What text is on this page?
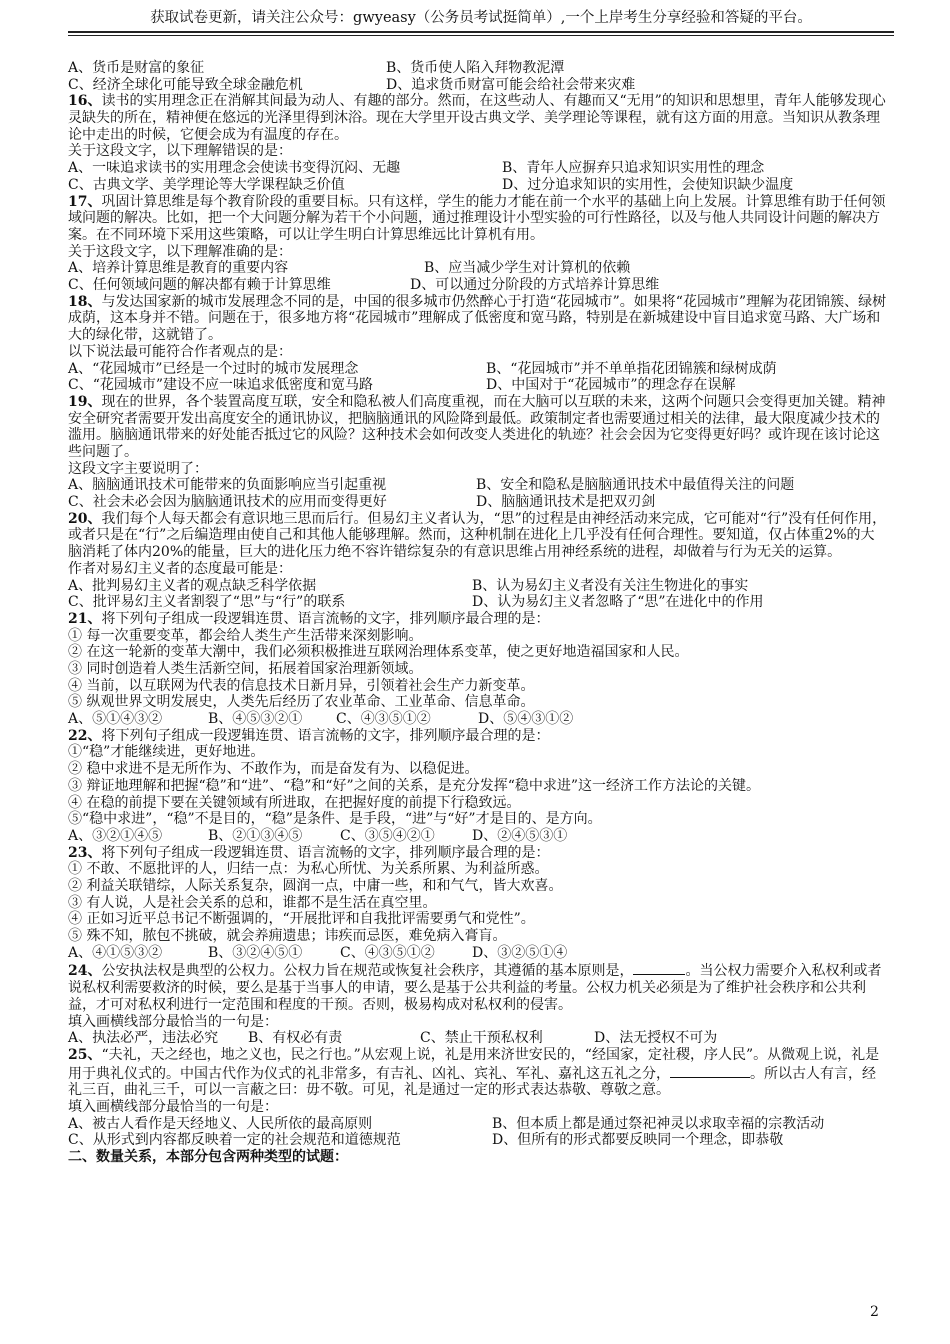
获取试卷更新，请关注公众号：gwyeasy（公务员考试挺简单）,一个上岸考生分享经验和答疑的平台。
A、货币是财富的象征	B、货币使人陷入拜物教泥潭
C、经济全球化可能导致全球金融危机	D、追求货币财富可能会给社会带来灾难
16、读书的实用理念正在消解其间最为动人、有趣的部分。然而，在这些动人、有趣而又“无用”的知识和思想里，青年人能够发现心灵缺失的所在，精神便在悠远的光泽里得到沐浴。现在大学里开设古典文学、美学理论等课程，就有这方面的用意。当知识从教条理论中走出的时候，它便会成为有温度的存在。
关于这段文字，以下理解错误的是：
A、一味追求读书的实用理念会使读书变得沉闷、无趣	B、青年人应摒弃只追求知识实用性的理念
C、古典文学、美学理论等大学课程缺乏价值	D、过分追求知识的实用性，会使知识缺少温度
17、巩固计算思维是每个教育阶段的重要目标。只有这样，学生的能力才能在前一个水平的基础上向上发展。计算思维有助于任何领域问题的解决。比如，把一个大问题分解为若干个小问题，通过推理设计小型实验的可行性路径，以及与他人共同设计问题的解决方案。在不同环境下采用这些策略，可以让学生明白计算思维远比计算机有用。
关于这段文字，以下理解准确的是：
A、培养计算思维是教育的重要内容	B、应当减少学生对计算机的依赖
C、任何领域问题的解决都有赖于计算思维	D、可以通过分阶段的方式培养计算思维
18、与发达国家新的城市发展理念不同的是，中国的很多城市仍然醉心于打造“花园城市”。如果将“花园城市”理解为花团锦簇、绿树成荫，这本身并不错。问题在于，很多地方将“花园城市”理解成了低密度和宽马路，特别是在新城建设中盲目追求宽马路、大广场和大的绿化带，这就错了。
以下说法最可能符合作者观点的是：
A、“花园城市”已经是一个过时的城市发展理念	B、“花园城市”并不单单指花团锦簇和绿树成荫
C、“花园城市”建设不应一味追求低密度和宽马路	D、中国对于“花园城市”的理念存在误解
19、现在的世界，各个装置高度互联，安全和隐私被人们高度重视，而在大脑可以互联的未来，这两个问题只会变得更加关键。精神安全研究者需要开发出高度安全的通讯协议，把脑脑通讯的风险降到最低。政策制定者也需要通过相关的法律，最大限度减少技术的滥用。脑脑通讯带来的好处能否抵过它的风险？这种技术会如何改变人类进化的轨迹？社会会因为它变得更好吗？或许现在该讨论这些问题了。
这段文字主要说明了：
A、脑脑通讯技术可能带来的负面影响应当引起重视	B、安全和隐私是脑脑通讯技术中最值得关注的问题
C、社会未必会因为脑脑通讯技术的应用而变得更好	D、脑脑通讯技术是把双刃剑
20、我们每个人每天都会有意识地三思而后行。但易幻主义者认为，“思”的过程是由神经活动来完成，它可能对“行”没有任何作用，或者只是在“行”之后编造理由使自己和其他人能够理解。然而，这种机制在进化上几乎没有任何合理性。要知道，仅占体重2%的大脑消耗了体内20%的能量，巨大的进化压力绝不容许错综复杂的有意识思维占用神经系统的进程，却做着与行为无关的运算。
作者对易幻主义者的态度最可能是：
A、批判易幻主义者的观点缺乏科学依据	B、认为易幻主义者没有关注生物进化的事实
C、批评易幻主义者割裂了“思”与“行”的联系	D、认为易幻主义者忽略了“思”在进化中的作用
21、将下列句子组成一段逻辑连贯、语言流畅的文字，排列顺序最合理的是：
① 每一次重要变革，都会给人类生产生活带来深刻影响。
② 在这一轮新的变革大潮中，我们必须积极推进互联网治理体系变革，使之更好地造福国家和人民。
③ 同时创造着人类生活新空间，拓展着国家治理新领域。
④ 当前，以互联网为代表的信息技术日新月异，引领着社会生产力新变革。
⑤ 纵观世界文明发展史，人类先后经历了农业革命、工业革命、信息革命。
A、⑤①④③②	B、④⑤③②① C、④③⑤①②	D、⑤④③①②
22、将下列句子组成一段逻辑连贯、语言流畅的文字，排列顺序最合理的是：
①“稳”才能继续进，更好地进。
② 稳中求进不是无所作为、不敢作为，而是奋发有为、以稳促进。
③ 辩证地理解和把握“稳”和“进”、“稳”和“好”之间的关系，是充分发挥“稳中求进”这一经济工作方法论的关键。
④ 在稳的前提下要在关键领域有所进取，在把握好度的前提下行稳致远。
⑤“稳中求进”，“稳”不是目的，“稳”是条件、是手段，“进”与“好”才是目的、是方向。
A、③②①④⑤	B、②①③④⑤	C、③⑤④②①	D、②④⑤③①
23、将下列句子组成一段逻辑连贯、语言流畅的文字，排列顺序最合理的是：
① 不敢、不愿批评的人，归结一点：为私心所忧、为关系所累、为利益所惑。
② 利益关联错综，人际关系复杂，圆润一点，中庸一些，和和气气，皆大欢喜。
③ 有人说，人是社会关系的总和，谁都不是生活在真空里。
④ 正如习近平总书记不断强调的，“开展批评和自我批评需要勇气和党性”。
⑤ 殊不知，脓包不挑破，就会养痈遗患；讳疾而忌医，难免病入膏肓。
A、④①⑤③②	B、③②④⑤①	C、④③⑤①②	D、③②⑤①④
24、公安执法权是典型的公权力。公权力旨在规范或恢复社会秩序，其遵循的基本原则是，	。当公权力需要介入私权利或者说私权利需要救济的时候，要么是基于当事人的申请，要么是基于公共利益的考量。公权力机关必须是为了维护社会秩序和公共利益，才可对私权利进行一定范围和程度的干预。否则，极易构成对私权利的侵害。
填入画横线部分最恰当的一句是：
A、执法必严，违法必究 B、有权必有责	C、禁止干预私权利	D、法无授权不可为
25、“夫礼，天之经也，地之义也，民之行也。”从宏观上说，礼是用来济世安民的，“经国家，定社稷，序人民”。从微观上说，礼是用于典礼仪式的。中国古代作为仪式的礼非常多，有吉礼、凶礼、宾礼、军礼、嘉礼这五礼之分，	。所以古人有言，经礼三百，曲礼三千，可以一言蔽之曰：毋不敬。可见，礼是通过一定的形式表达恭敬、尊敬之意。
填入画横线部分最恰当的一句是：
A、被古人看作是天经地义、人民所依的最高原则	B、但本质上都是通过祭祀神灵以求取幸福的宗教活动
C、从形式到内容都反映着一定的社会规范和道德规范	D、但所有的形式都要反映同一个理念，即恭敬
二、数量关系，本部分包含两种类型的试题：
2
